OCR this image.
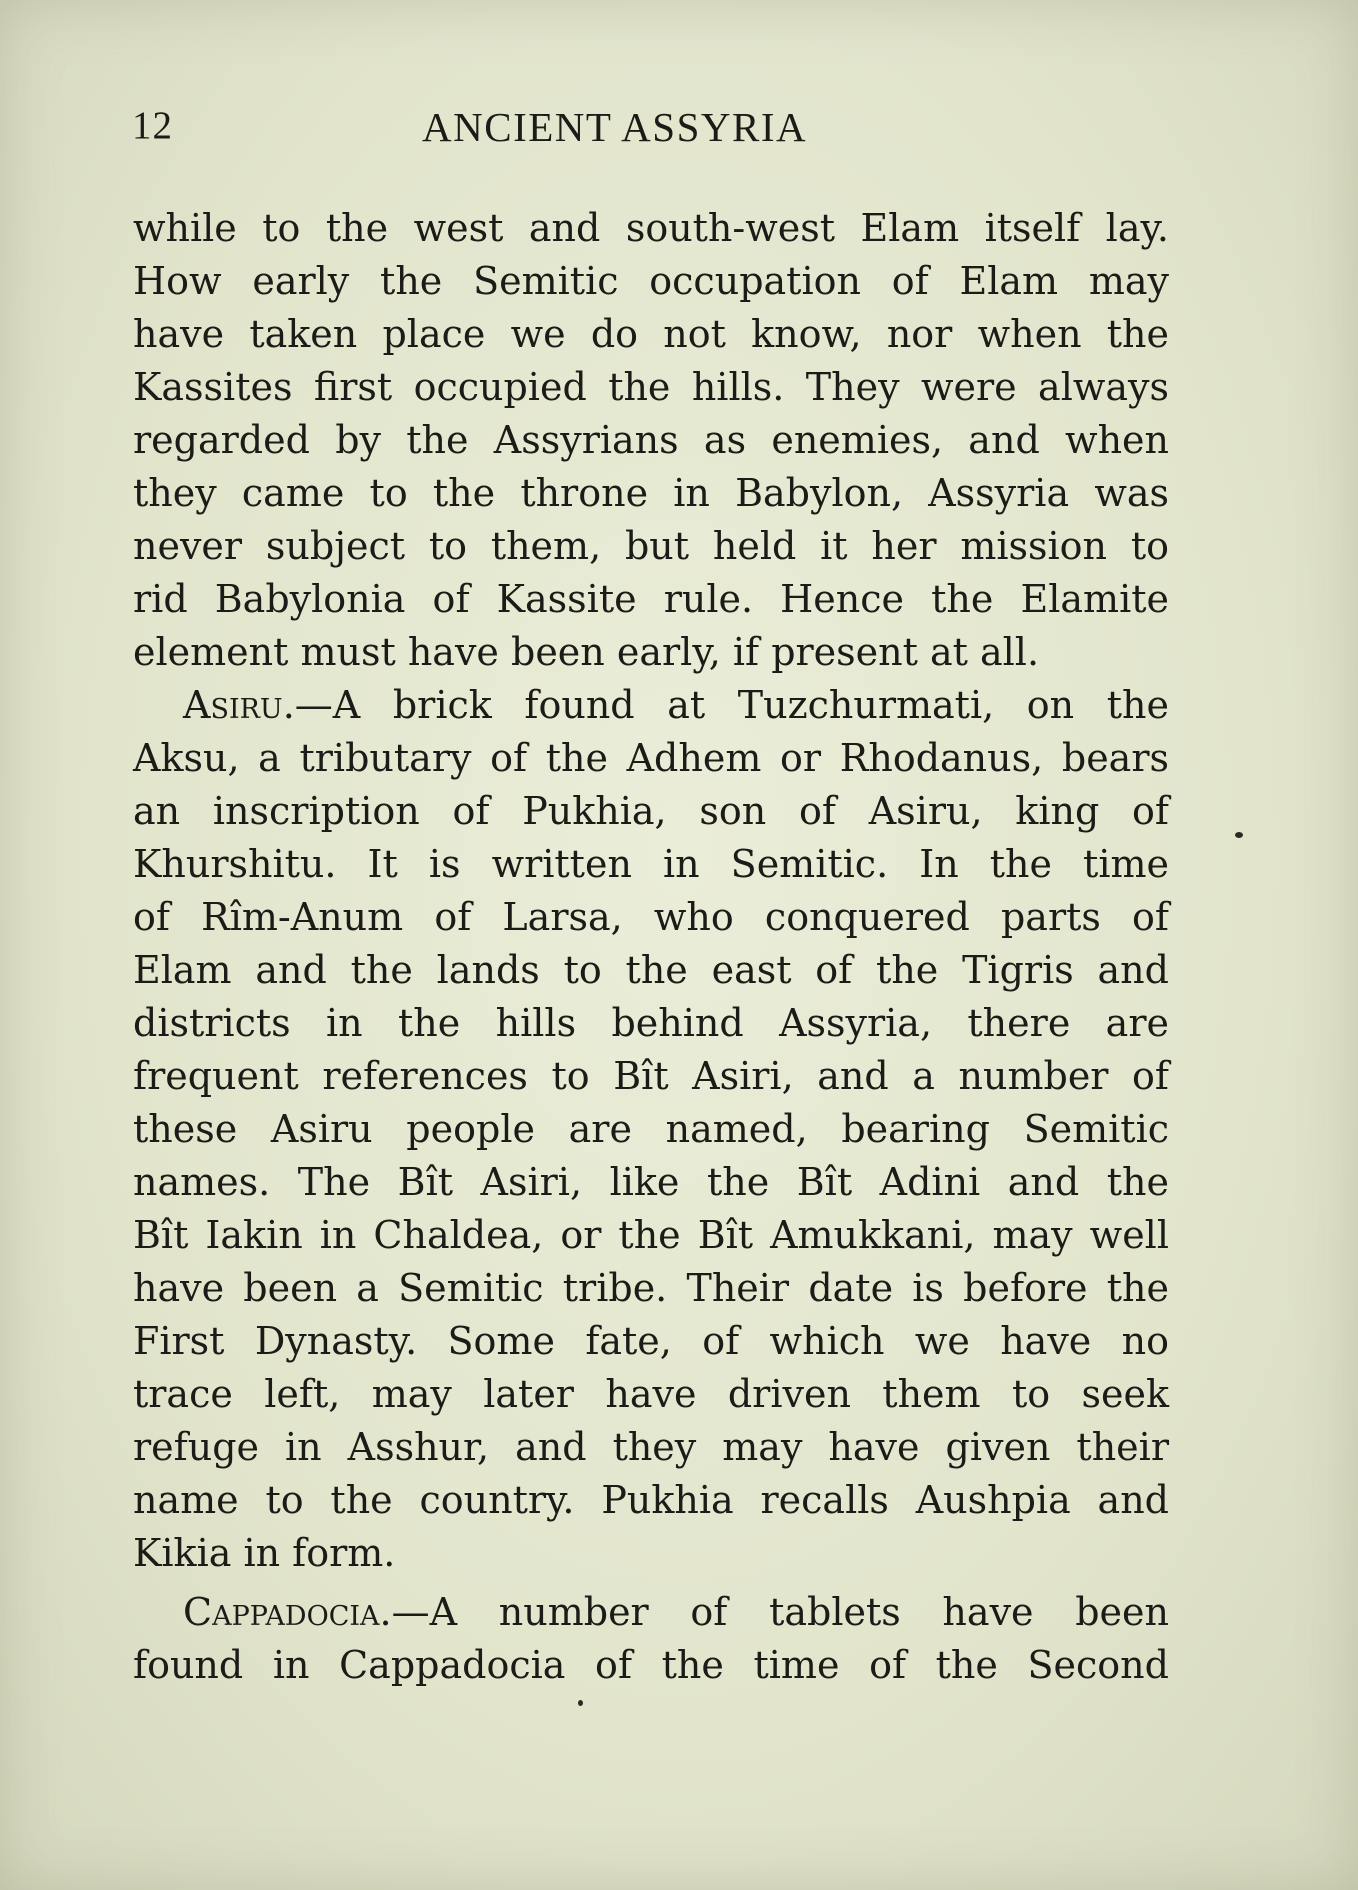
12	ANCIENT ASSYRIA
while to the west and south-west Elam itself lay.
How early the Semitic occupation of Elam may
have taken place we do not know, nor when the
Kassites first occupied the hills. They were always
regarded by the Assyrians as enemies, and when
they came to the throne in Babylon, Assyria was
never subject to them, but held it her mission to
rid Babylonia of Kassite rule. Hence the Elamite
element must have been early, if present at all.
Asiru.—A brick found at Tuzchurmati, on the
Aksu, a tributary of the Adhem or Rhodanus, bears
an inscription of Pukhia, son of Asiru, king of
Khurshitu. It is written in Semitic. In the time
of Rîm-Anum of Larsa, who conquered parts of
Elam and the lands to the east of the Tigris and
districts in the hills behind Assyria, there are
frequent references to Bît Asiri, and a number of
these Asiru people are named, bearing Semitic
names. The Bît Asiri, like the Bît Adini and the
Bît Iakin in Chaldea, or the Bît Amukkani, may well
have been a Semitic tribe. Their date is before the
First Dynasty. Some fate, of which we have no
trace left, may later have driven them to seek
refuge in Asshur, and they may have given their
name to the country. Pukhia recalls Aushpia and
Kikia in form.
Cappadocia.—A number of tablets have been
found in Cappadocia of the time of the Second
